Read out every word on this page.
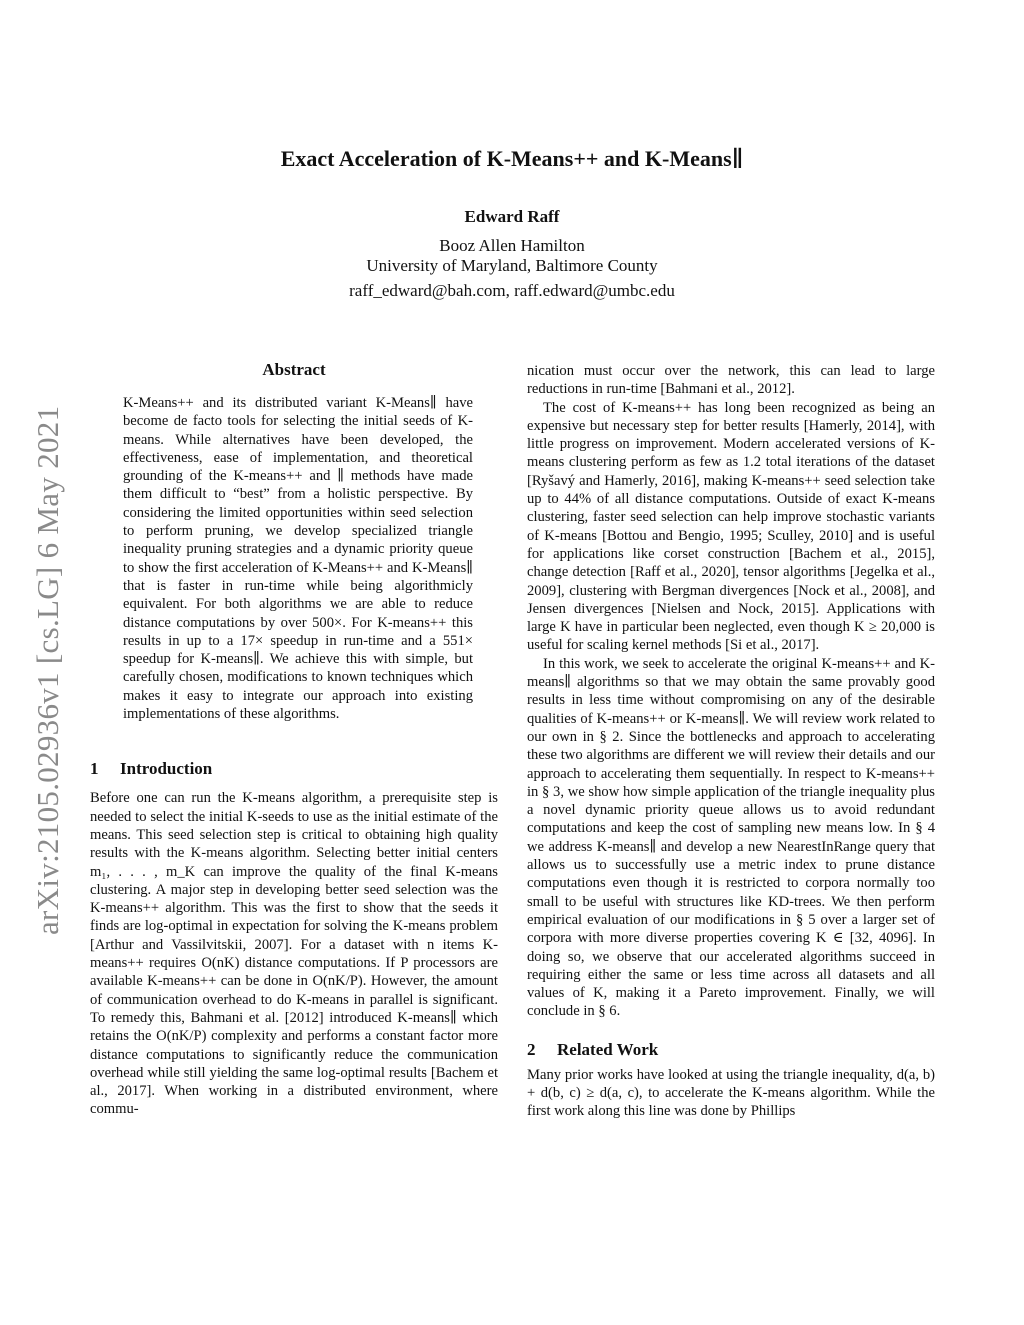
arXiv:2105.02936v1 [cs.LG] 6 May 2021
Exact Acceleration of K-Means++ and K-Means∥
Edward Raff
Booz Allen Hamilton
University of Maryland, Baltimore County
raff_edward@bah.com, raff.edward@umbc.edu
Abstract

K-Means++ and its distributed variant K-Means∥ have become de facto tools for selecting the initial seeds of K-means. While alternatives have been developed, the effectiveness, ease of implementation, and theoretical grounding of the K-means++ and ∥ methods have made them difficult to “best” from a holistic perspective. By considering the limited opportunities within seed selection to perform pruning, we develop specialized triangle inequality pruning strategies and a dynamic priority queue to show the first acceleration of K-Means++ and K-Means∥ that is faster in run-time while being algorithmicly equivalent. For both algorithms we are able to reduce distance computations by over 500×. For K-means++ this results in up to a 17× speedup in run-time and a 551× speedup for K-means∥. We achieve this with simple, but carefully chosen, modifications to known techniques which makes it easy to integrate our approach into existing implementations of these algorithms.

1 Introduction

Before one can run the K-means algorithm, a prerequisite step is needed to select the initial K-seeds to use as the initial estimate of the means. This seed selection step is critical to obtaining high quality results with the K-means algorithm. Selecting better initial centers m₁, . . . , m_K can improve the quality of the final K-means clustering. A major step in developing better seed selection was the K-means++ algorithm. This was the first to show that the seeds it finds are log-optimal in expectation for solving the K-means problem [Arthur and Vassilvitskii, 2007]. For a dataset with n items K-means++ requires O(nK) distance computations. If P processors are available K-means++ can be done in O(nK/P). However, the amount of communication overhead to do K-means in parallel is significant. To remedy this, Bahmani et al. [2012] introduced K-means∥ which retains the O(nK/P) complexity and performs a constant factor more distance computations to significantly reduce the communication overhead while still yielding the same log-optimal results [Bachem et al., 2017]. When working in a distributed environment, where commu-

nication must occur over the network, this can lead to large reductions in run-time [Bahmani et al., 2012].

The cost of K-means++ has long been recognized as being an expensive but necessary step for better results [Hamerly, 2014], with little progress on improvement. Modern accelerated versions of K-means clustering perform as few as 1.2 total iterations of the dataset [Ryšavý and Hamerly, 2016], making K-means++ seed selection take up to 44% of all distance computations. Outside of exact K-means clustering, faster seed selection can help improve stochastic variants of K-means [Bottou and Bengio, 1995; Sculley, 2010] and is useful for applications like corset construction [Bachem et al., 2015], change detection [Raff et al., 2020], tensor algorithms [Jegelka et al., 2009], clustering with Bergman divergences [Nock et al., 2008], and Jensen divergences [Nielsen and Nock, 2015]. Applications with large K have in particular been neglected, even though K ≥ 20,000 is useful for scaling kernel methods [Si et al., 2017].

In this work, we seek to accelerate the original K-means++ and K-means∥ algorithms so that we may obtain the same provably good results in less time without compromising on any of the desirable qualities of K-means++ or K-means∥. We will review work related to our own in § 2. Since the bottlenecks and approach to accelerating these two algorithms are different we will review their details and our approach to accelerating them sequentially. In respect to K-means++ in § 3, we show how simple application of the triangle inequality plus a novel dynamic priority queue allows us to avoid redundant computations and keep the cost of sampling new means low. In § 4 we address K-means∥ and develop a new NearestInRange query that allows us to successfully use a metric index to prune distance computations even though it is restricted to corpora normally too small to be useful with structures like KD-trees. We then perform empirical evaluation of our modifications in § 5 over a larger set of corpora with more diverse properties covering K ∈ [32, 4096]. In doing so, we observe that our accelerated algorithms succeed in requiring either the same or less time across all datasets and all values of K, making it a Pareto improvement. Finally, we will conclude in § 6.

2 Related Work

Many prior works have looked at using the triangle inequality, d(a, b) + d(b, c) ≥ d(a, c), to accelerate the K-means algorithm. While the first work along this line was done by Phillips
